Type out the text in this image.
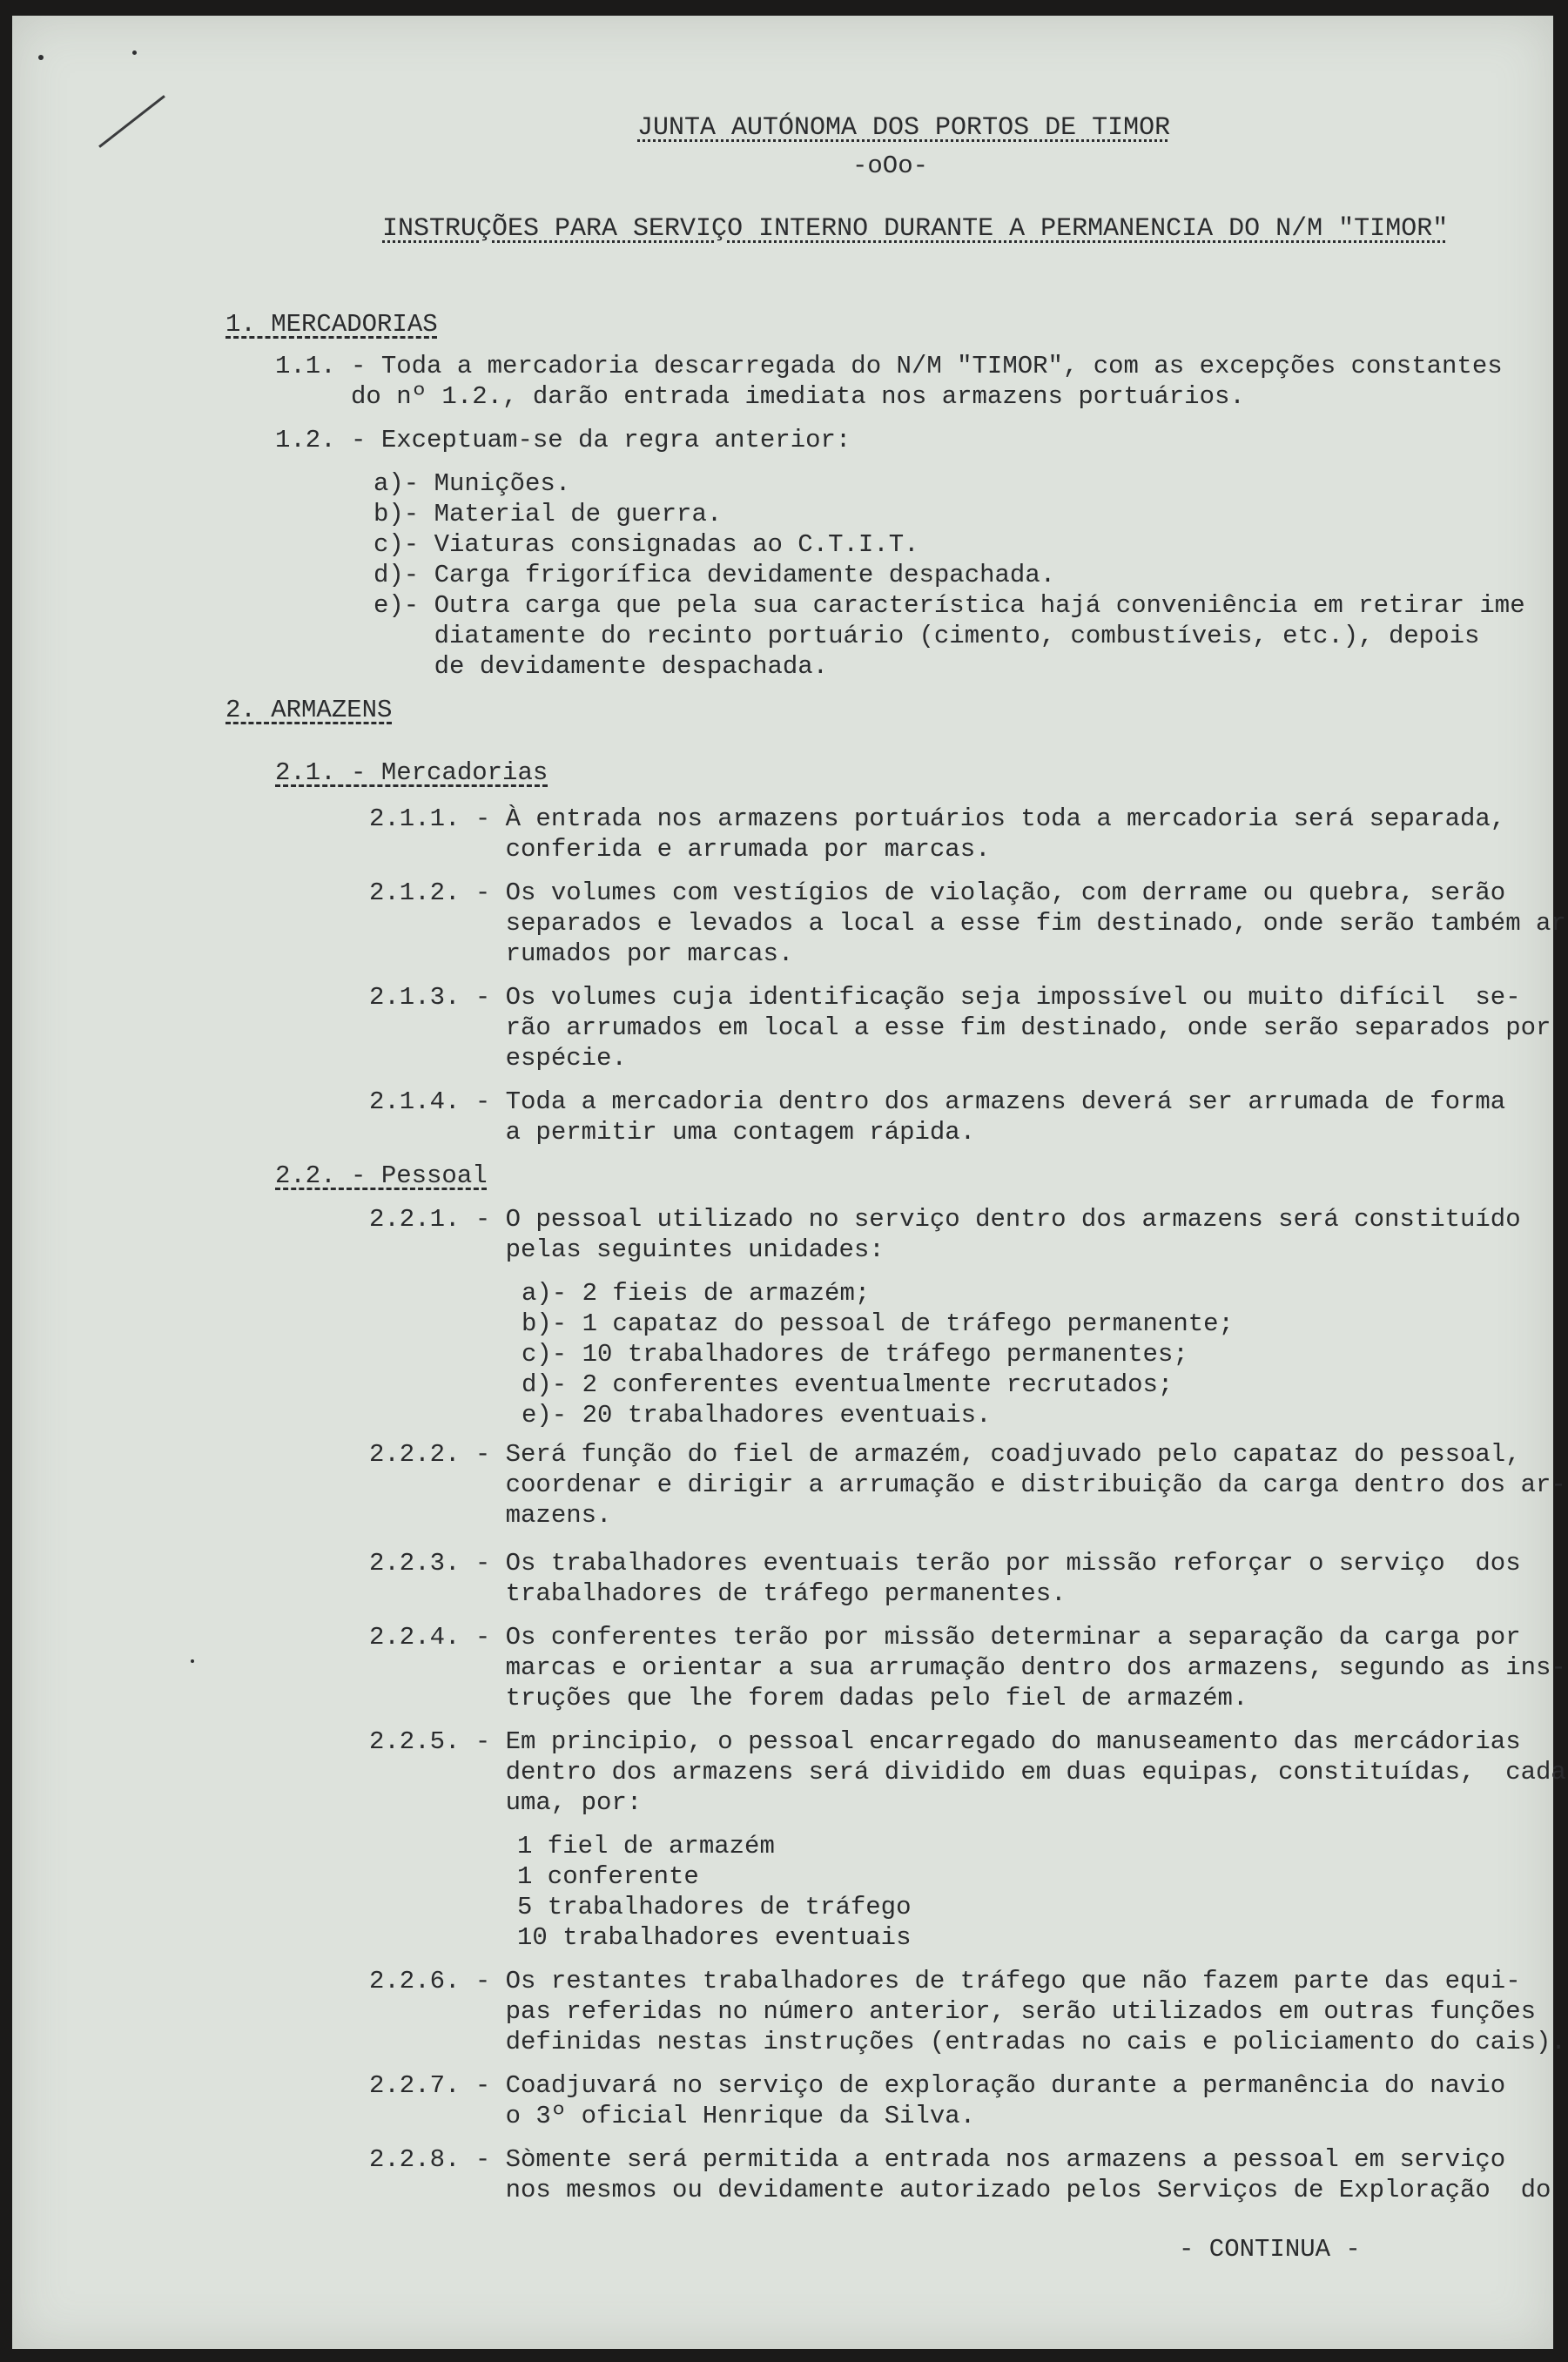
JUNTA AUTÓNOMA DOS PORTOS DE TIMOR
-oOo-
INSTRUÇÕES PARA SERVIÇO INTERNO DURANTE A PERMANENCIA DO N/M "TIMOR"
1. MERCADORIAS
1.1. - Toda a mercadoria descarregada do N/M "TIMOR", com as excepções constantes
do nº 1.2., darão entrada imediata nos armazens portuários.
1.2. - Exceptuam-se da regra anterior:
a)- Munições.
b)- Material de guerra.
c)- Viaturas consignadas ao C.T.I.T.
d)- Carga frigorífica devidamente despachada.
e)- Outra carga que pela sua característica hajá conveniência em retirar ime
diatamente do recinto portuário (cimento, combustíveis, etc.), depois
de devidamente despachada.
2. ARMAZENS
2.1. - Mercadorias
2.1.1. - À entrada nos armazens portuários toda a mercadoria será separada,
conferida e arrumada por marcas.
2.1.2. - Os volumes com vestígios de violação, com derrame ou quebra, serão
separados e levados a local a esse fim destinado, onde serão também ar
rumados por marcas.
2.1.3. - Os volumes cuja identificação seja impossível ou muito difícil  se-
rão arrumados em local a esse fim destinado, onde serão separados por
espécie.
2.1.4. - Toda a mercadoria dentro dos armazens deverá ser arrumada de forma
a permitir uma contagem rápida.
2.2. - Pessoal
2.2.1. - O pessoal utilizado no serviço dentro dos armazens será constituído
pelas seguintes unidades:
a)- 2 fieis de armazém;
b)- 1 capataz do pessoal de tráfego permanente;
c)- 10 trabalhadores de tráfego permanentes;
d)- 2 conferentes eventualmente recrutados;
e)- 20 trabalhadores eventuais.
2.2.2. - Será função do fiel de armazém, coadjuvado pelo capataz do pessoal,
coordenar e dirigir a arrumação e distribuição da carga dentro dos ar-
mazens.
2.2.3. - Os trabalhadores eventuais terão por missão reforçar o serviço  dos
trabalhadores de tráfego permanentes.
2.2.4. - Os conferentes terão por missão determinar a separação da carga por
marcas e orientar a sua arrumação dentro dos armazens, segundo as ins-
truções que lhe forem dadas pelo fiel de armazém.
2.2.5. - Em principio, o pessoal encarregado do manuseamento das mercádorias
dentro dos armazens será dividido em duas equipas, constituídas,  cada
uma, por:
1 fiel de armazém
1 conferente
5 trabalhadores de tráfego
10 trabalhadores eventuais
2.2.6. - Os restantes trabalhadores de tráfego que não fazem parte das equi-
pas referidas no número anterior, serão utilizados em outras funções
definidas nestas instruções (entradas no cais e policiamento do cais).
2.2.7. - Coadjuvará no serviço de exploração durante a permanência do navio
o 3º oficial Henrique da Silva.
2.2.8. - Sòmente será permitida a entrada nos armazens a pessoal em serviço
nos mesmos ou devidamente autorizado pelos Serviços de Exploração  do
- CONTINUA -
